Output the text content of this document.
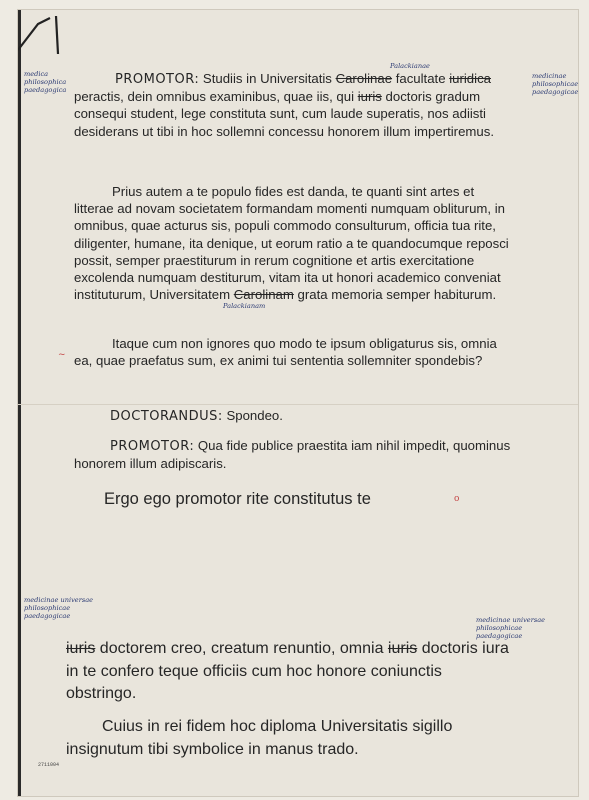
medica
philosophica
paedagogica
Palackianae
medicinae
philosophicae
paedagogicae
Palackianam
medicinae universae
philosophicae
paedagogicae	medicinae universae
philosophicae
paedagogicae
PROMOTOR: Studiis in Universitatis Carolinae facultate iuridica peractis, dein omnibus examinibus, quae iis, qui iuris doctoris gradum consequi student, lege constituta sunt, cum laude superatis, nos adiisti desiderans ut tibi in hoc sollemni concessu honorem illum impertiremus.
Prius autem a te populo fides est danda, te quanti sint artes et litterae ad novam societatem formandam momenti numquam obliturum, in omnibus, quae acturus sis, populi commodo consulturum, officia tua rite, diligenter, humane, ita denique, ut eorum ratio a te quandocumque reposci possit, semper praestiturum in rerum cognitione et artis exercitatione excolenda numquam destiturum, vitam ita ut honori academico conveniat instituturum, Universitatem Carolinam grata memoria semper habiturum.
Itaque cum non ignores quo modo te ipsum obligaturus sis, omnia ea, quae praefatus sum, ex animi tui sententia sollemniter spondebis?
DOCTORANDUS: Spondeo.
PROMOTOR: Qua fide publice praestita iam nihil impedit, quominus honorem illum adipiscaris.
Ergo ego promotor rite constitutus te
iuris doctorem creo, creatum renuntio, omnia iuris doctoris iura in te confero teque officiis cum hoc honore coniunctis obstringo.
Cuius in rei fidem hoc diploma Universitatis sigillo insignutum tibi symbolice in manus trado.
o
~
2711004
